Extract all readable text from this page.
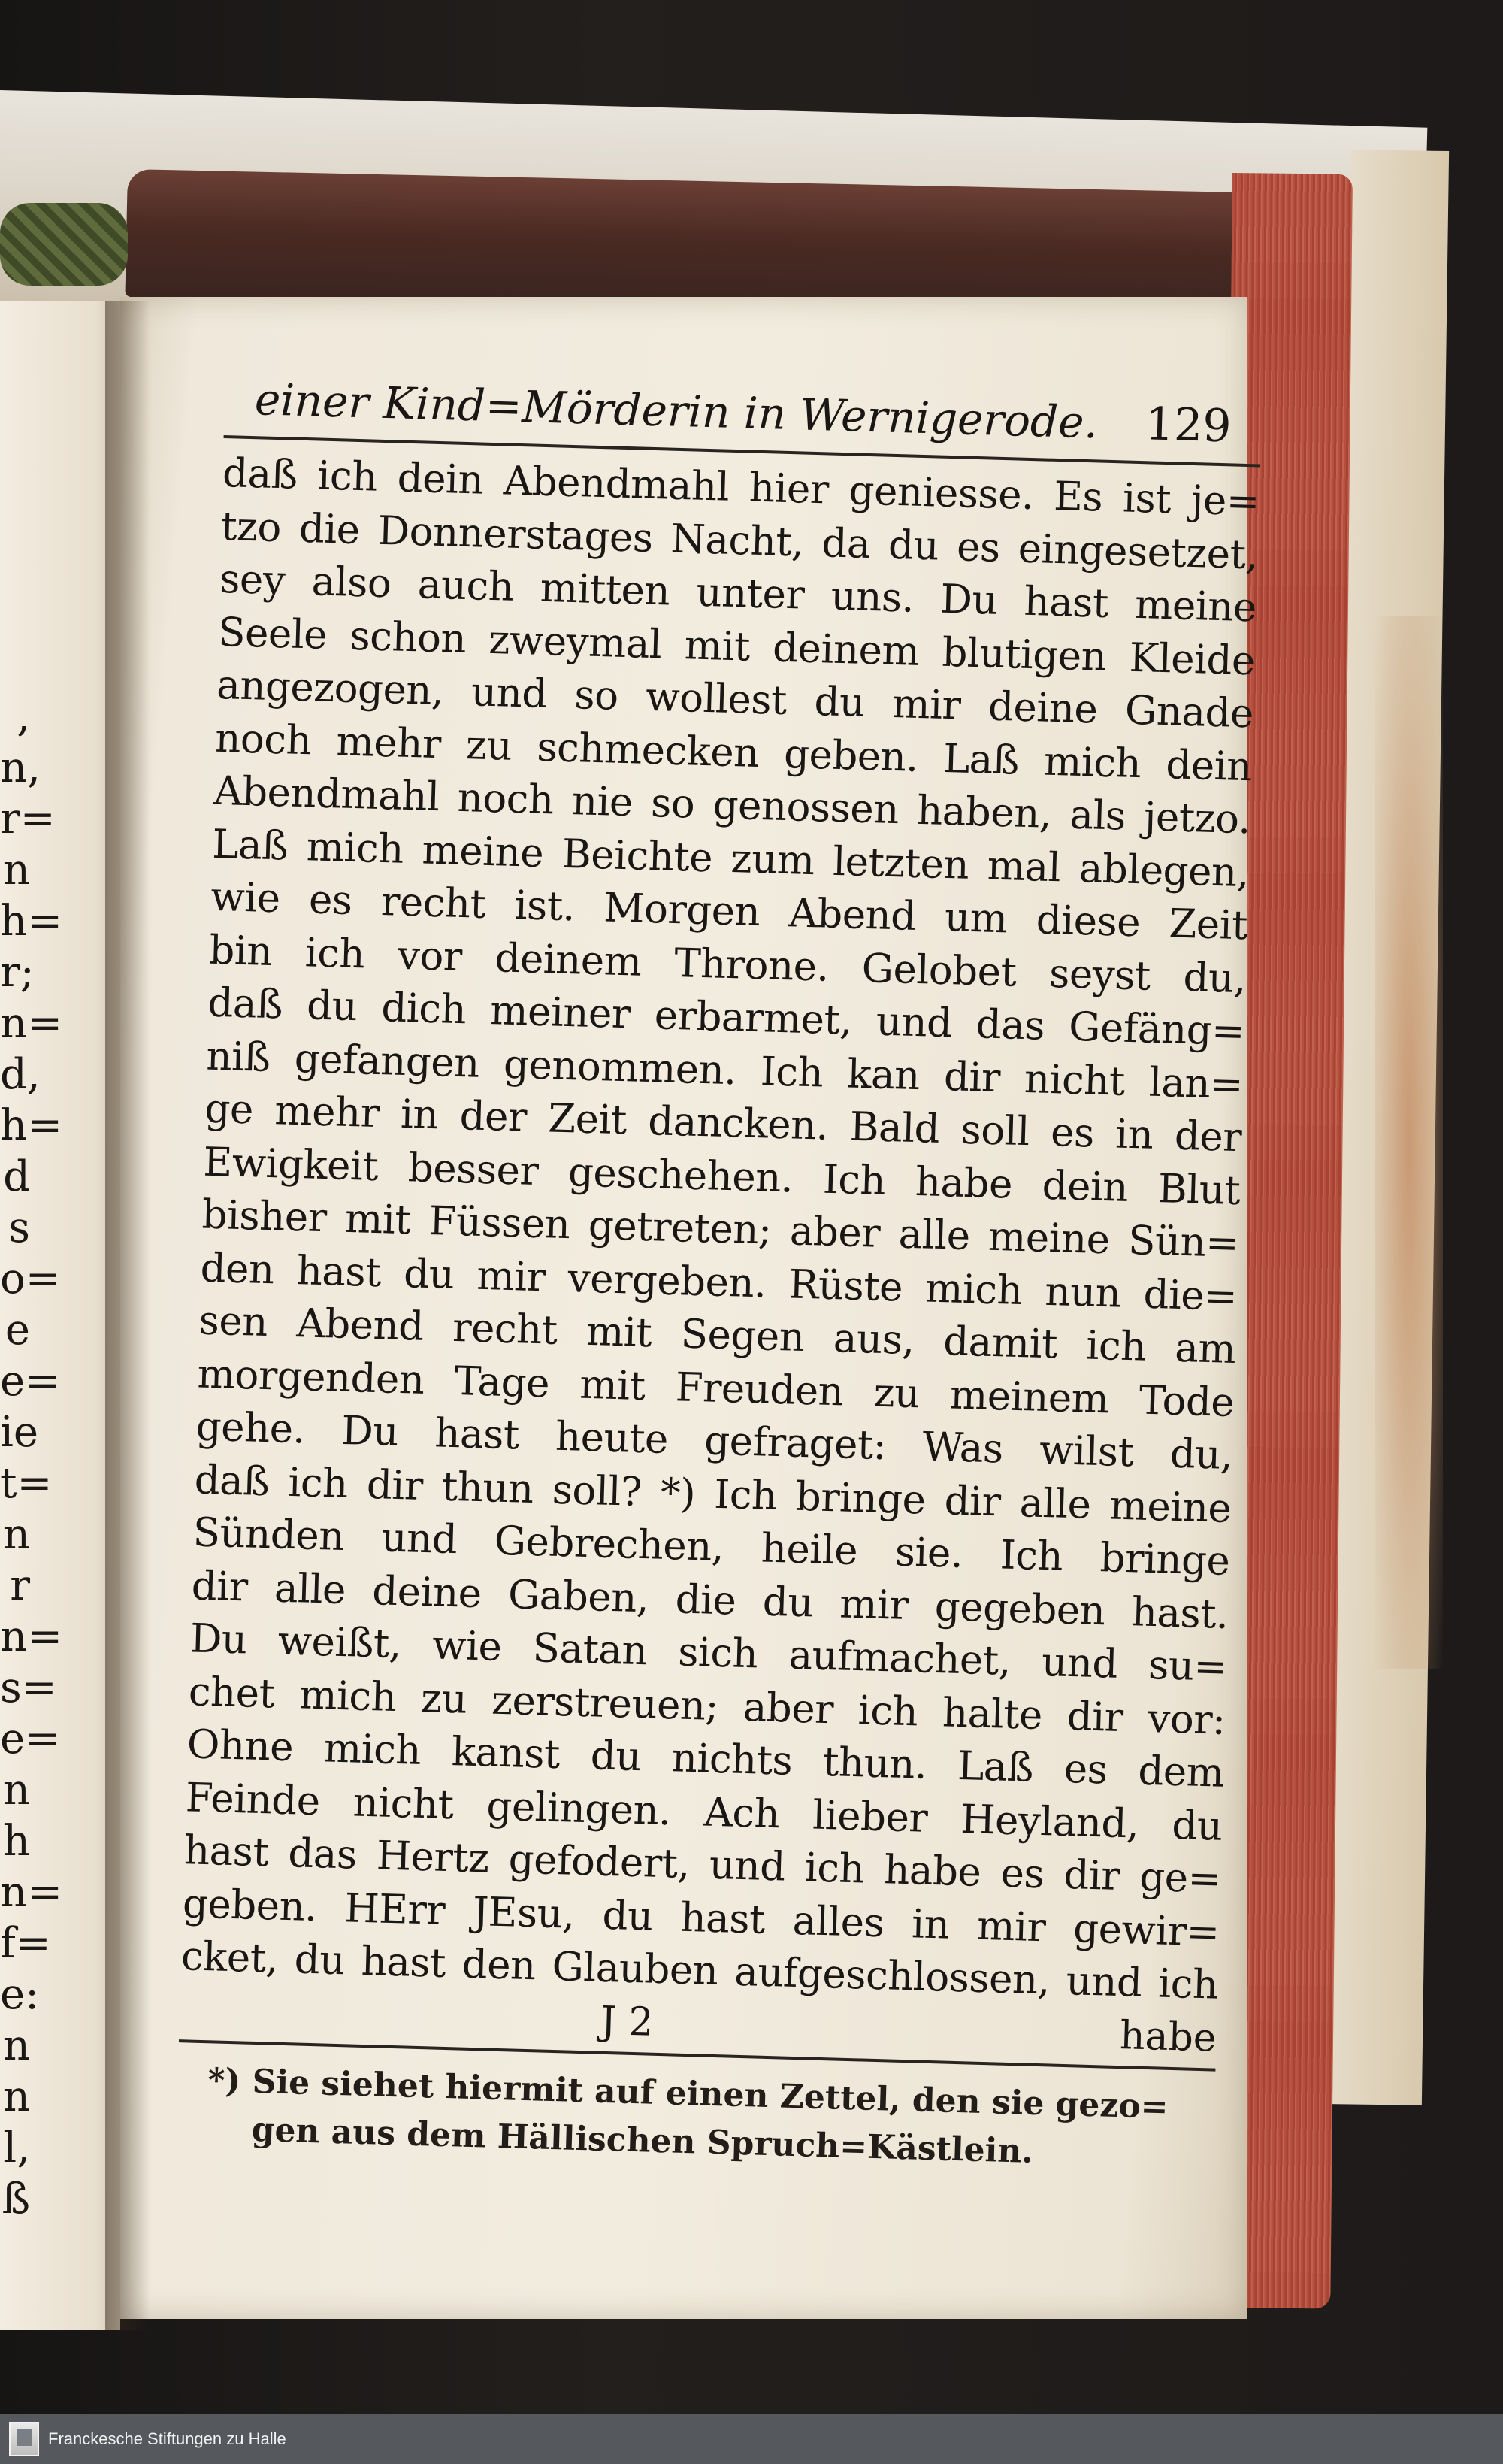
,
n,
r=
n
h=
r;
n=
d,
h=
d
s
o=
e
e=
ie
t=
n
r
n=
s=
e=
n
h
n=
f=
e:
n
n
l,
ß
einer Kind=Mörderin in Wernigerode. 129
daß ich dein Abendmahl hier geniesse. Es ist je=
tzo die Donnerstages Nacht, da du es eingesetzet,
sey also auch mitten unter uns. Du hast meine
Seele schon zweymal mit deinem blutigen Kleide
angezogen, und so wollest du mir deine Gnade
noch mehr zu schmecken geben. Laß mich dein
Abendmahl noch nie so genossen haben, als jetzo.
Laß mich meine Beichte zum letzten mal ablegen,
wie es recht ist. Morgen Abend um diese Zeit
bin ich vor deinem Throne. Gelobet seyst du,
daß du dich meiner erbarmet, und das Gefäng=
niß gefangen genommen. Ich kan dir nicht lan=
ge mehr in der Zeit dancken. Bald soll es in der
Ewigkeit besser geschehen. Ich habe dein Blut
bisher mit Füssen getreten; aber alle meine Sün=
den hast du mir vergeben. Rüste mich nun die=
sen Abend recht mit Segen aus, damit ich am
morgenden Tage mit Freuden zu meinem Tode
gehe. Du hast heute gefraget: Was wilst du,
daß ich dir thun soll? *) Ich bringe dir alle meine
Sünden und Gebrechen, heile sie. Ich bringe
dir alle deine Gaben, die du mir gegeben hast.
Du weißt, wie Satan sich aufmachet, und su=
chet mich zu zerstreuen; aber ich halte dir vor:
Ohne mich kanst du nichts thun. Laß es dem
Feinde nicht gelingen. Ach lieber Heyland, du
hast das Hertz gefodert, und ich habe es dir ge=
geben. HErr JEsu, du hast alles in mir gewir=
cket, du hast den Glauben aufgeschlossen, und ich
J 2	habe
*) Sie siehet hiermit auf einen Zettel, den sie gezo=
gen aus dem Hällischen Spruch=Kästlein.
Franckesche Stiftungen zu Halle
